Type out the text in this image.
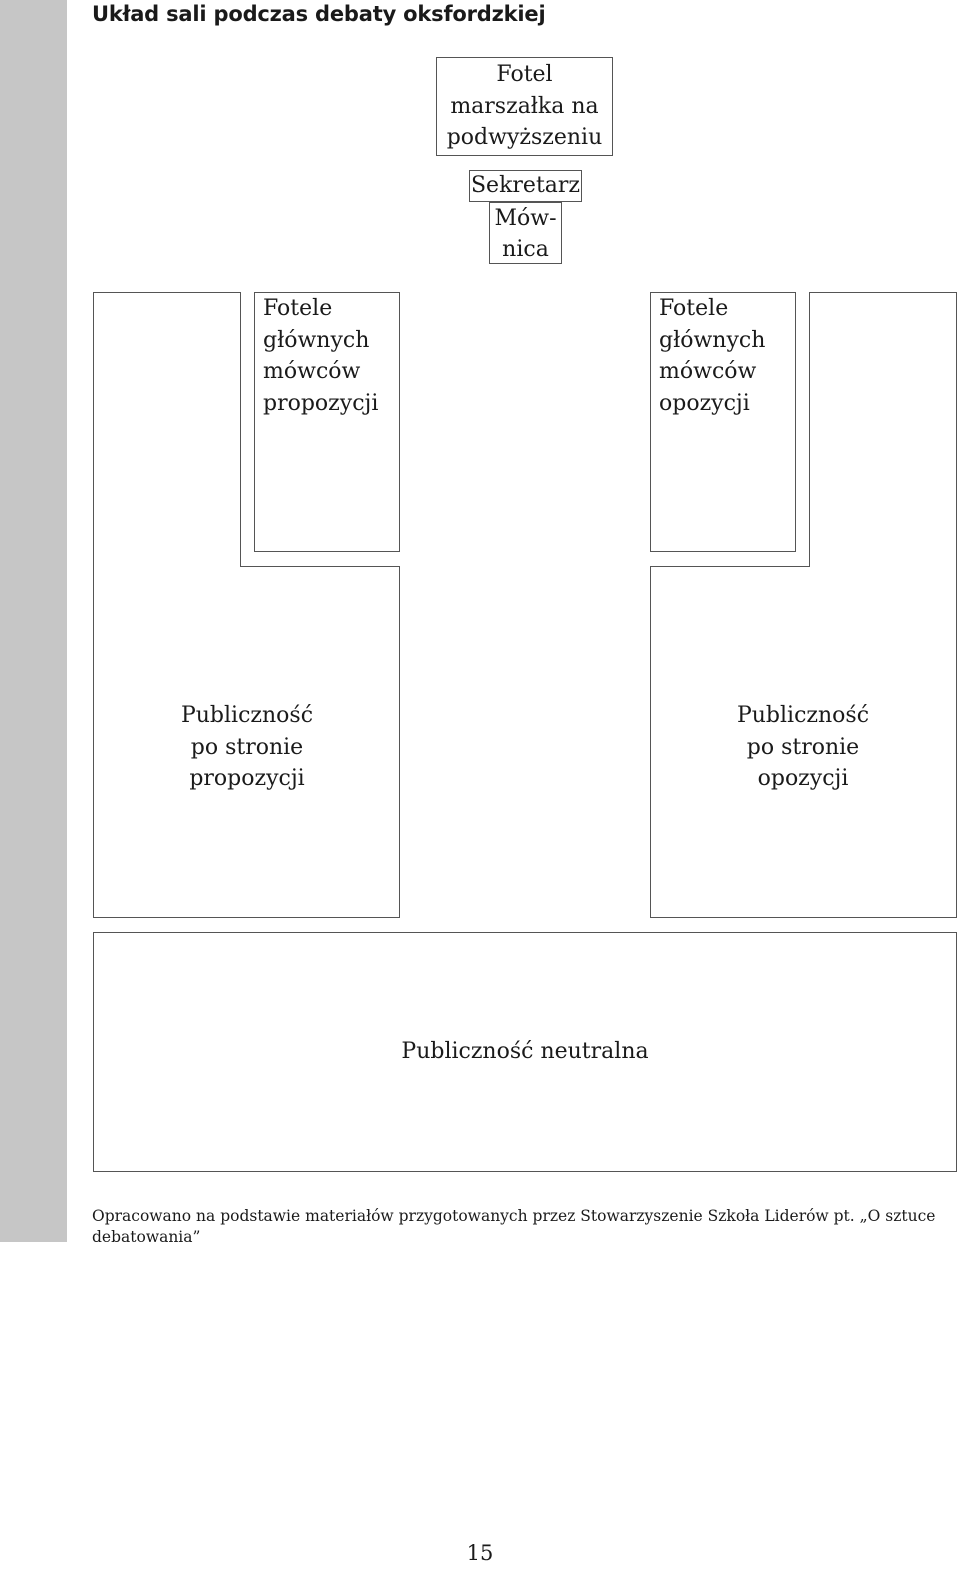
Układ sali podczas debaty oksfordzkiej
Fotel
marszałka na
podwyższeniu
Sekretarz
Mów-
nica
Fotele
głównych
mówców
propozycji
Fotele
głównych
mówców
opozycji
Publiczność
po stronie
propozycji
Publiczność
po stronie
opozycji
Publiczność neutralna
Opracowano na podstawie materiałów przygotowanych przez Stowarzyszenie Szkoła Liderów pt. „O sztuce debatowania”
15
